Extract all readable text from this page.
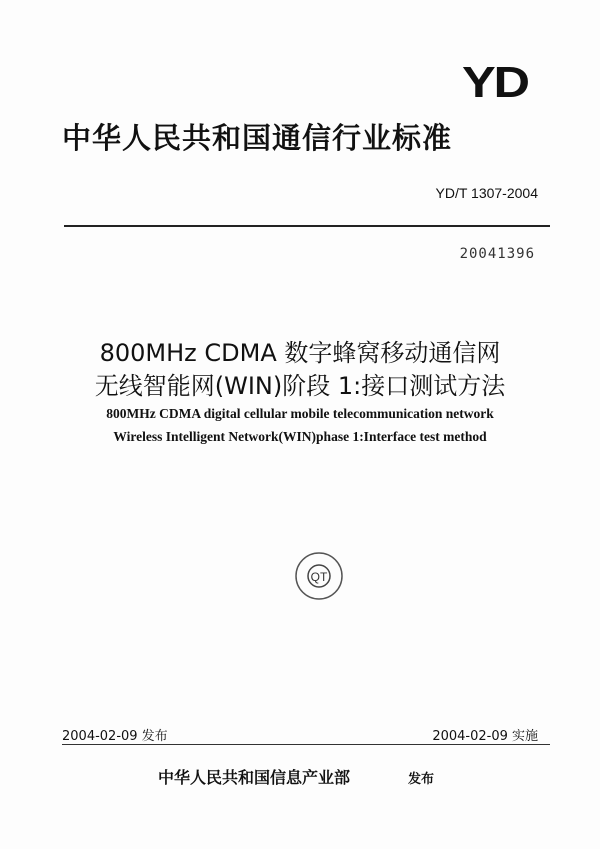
YD
中华人民共和国通信行业标准
YD/T 1307-2004
20041396
800MHz CDMA 数字蜂窝移动通信网
无线智能网(WIN)阶段 1:接口测试方法
800MHz CDMA digital cellular mobile telecommunication network
Wireless Intelligent Network(WIN)phase 1:Interface test method
QT
2004-02-09 发布	2004-02-09 实施
中华人民共和国信息产业部	发布
